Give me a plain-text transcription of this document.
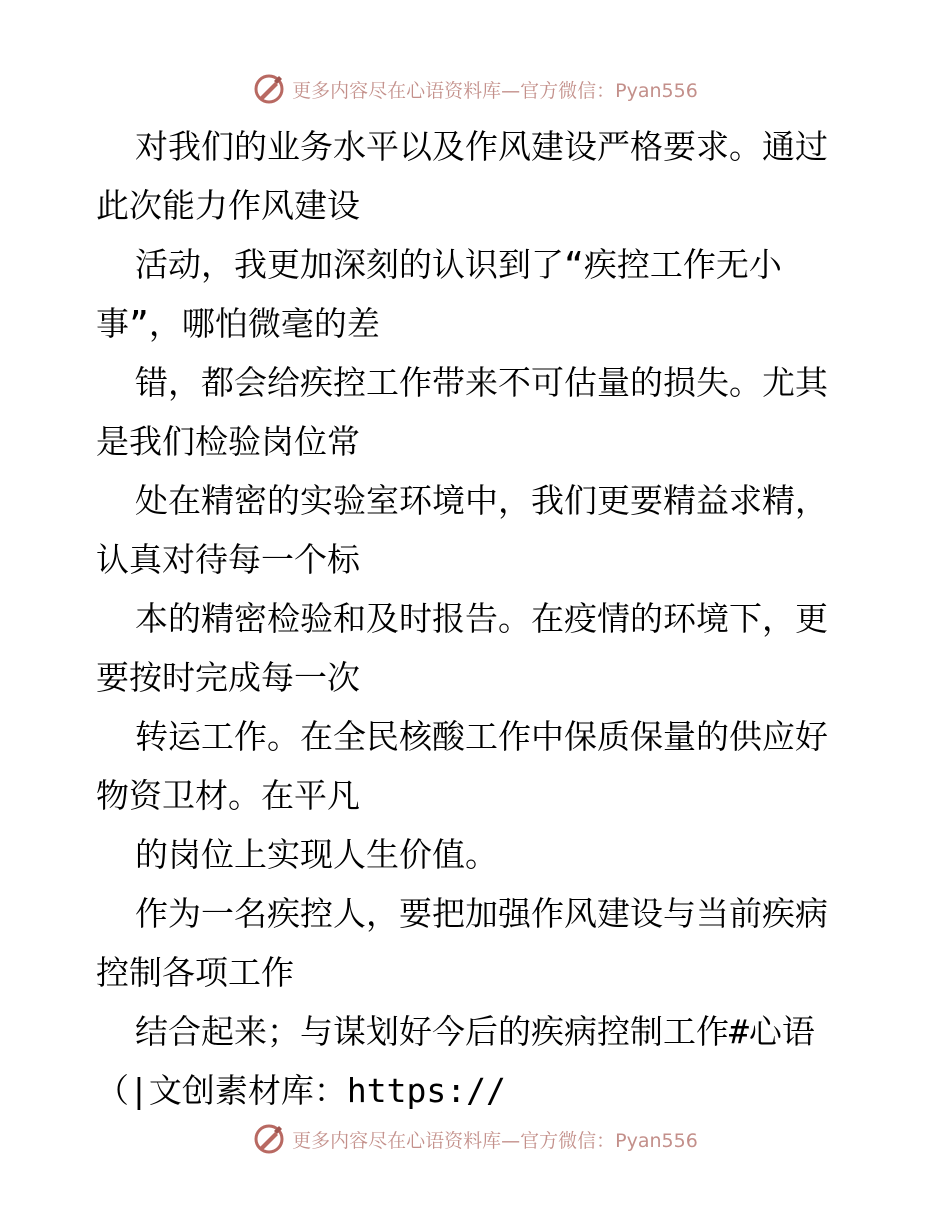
更多内容尽在心语资料库—官方微信：Pyan556
对我们的业务水平以及作风建设严格要求。通过
此次能力作风建设
活动，我更加深刻的认识到了“疾控工作无小
事”，哪怕微毫的差
错，都会给疾控工作带来不可估量的损失。尤其
是我们检验岗位常
处在精密的实验室环境中，我们更要精益求精，
认真对待每一个标
本的精密检验和及时报告。在疫情的环境下，更
要按时完成每一次
转运工作。在全民核酸工作中保质保量的供应好
物资卫材。在平凡
的岗位上实现人生价值。
作为一名疾控人，要把加强作风建设与当前疾病
控制各项工作
结合起来；与谋划好今后的疾病控制工作#心语
（|文创素材库：https://
更多内容尽在心语资料库—官方微信：Pyan556
